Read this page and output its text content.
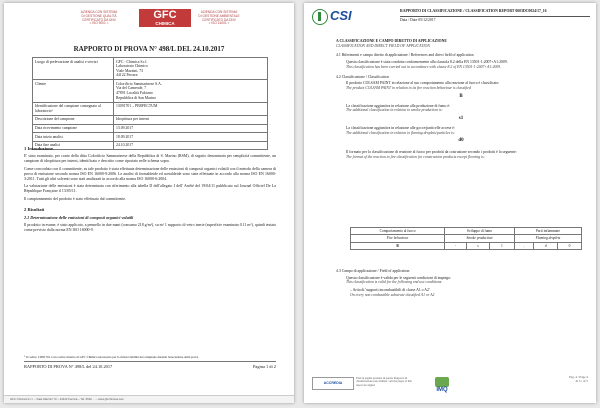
AZIENDA CON SISTEMA
DI GESTIONE QUALITÀ
CERTIFICATO DA DNV
= ISO 9001 =
GFC
CHIMICA
AZIENDA CON SISTEMA
DI GESTIONE AMBIENTALE
CERTIFICATO DA DNV
= ISO 14001 =
RAPPORTO DI PROVA N° 498/L DEL 24.10.2017
Luogo di prelevazione di analisi e servizi	GFC - Chimica S.r.l.
Laboratorio Chimico
Viale Mazzini, 73
44122 Ferrara
Cliente	Colorificio Sammarinese S.A.
Via del Camerale, 7
47891 Località Falciano
Repubblica di San Marino
Identificazione del campione consegnato al laboratorio¹	13091701 – PERFECTUM
Descrizione del campione	Idropittura per interni
Data ricevimento campione	13.09.2017
Data inizio analisi	18.09.2017
Data fine analisi	24.10.2017
1 Introduzione
E' stato esaminato, per conto della ditta Colorificio Sammarinese della Repubblica di S. Marino (RSM), di seguito denominata per semplicità committente, un campione di idropittura per interni, identificato e descritto come riportato nelle schema sopra.
Come concordato con il committente, su tale prodotto è stata effettuata determinazione delle emissioni di composti organici volatili con il metodo della camera di prova di emissione secondo norma ISO EN 16000-9:2006. Le analisi di formaldeide ed acetaldeide sono state effettuate in accordo alla norma ISO EN 16000-3:2011. Tutti gli altri solventi sono stati analizzati in accordo alla norma ISO 16000-6:2004.
La valutazione delle emissioni è stata determinata con riferimento alla tabella D dell'allegato I dell' Arrêté del 19/04/11 pubblicato sul Journal Officiel De La République Française il 13/05/11.
Il campionamento del prodotto è stato effettuato dal committente.
2 Risultati
2.1 Determinazione delle emissioni di composti organici volatili
Il prodotto in esame, è stato applicato, a pennello in due mani (consumo 218 g/m²), su m² 1 supporto di vetro inerte (superficie esaminata 0.11 m²), quindi testato come previsto dalla norma EN ISO 16000-9.
¹ Il codice 13091701 è un codice interno di GFC Chimica necessario per la rintracciabilità del campione durante l'esecuzione della prova
RAPPORTO DI PROVA N° 498/L del 24.10.2017	Pagina 1 di 2
GFC Chimica S.r.l. – Viale Mazzini 73 – 44122 Ferrara – Tel. 0532 ... – www.gfcchimica.com
CSI	RAPPORTO DI CLASSIFICAZIONE / CLASSIFICATION REPORT 0603DC0024/17_16
Data / Date 05/12/2017
A CLASSIFICAZIONE E CAMPO DIRETTO DI APPLICAZIONE
CLASSIFICATION AND DIRECT FIELD OF APPLICATION
4.1 Riferimenti e campo diretto di applicazione / References and direct field of application
Questa classificazione è stata condotta conformemente alla clausola 8.2 della EN 13501-1:2007+A1:2009.
This classification has been carried out in accordance with clause 8.2 of EN 13501-1:2007+A1:2009.
4.2 Classificazione / Classification
Il prodotto COLSAM PAINT in relazione al suo comportamento alla reazione al fuoco è classificato:
The product COLSAM PAINT in relation to its fire reaction behaviour is classified
B
La classificazione aggiuntiva in relazione alla produzione di fumo è:
The additional classification in relation to smoke production is:
s1
La classificazione aggiuntiva in relazione alle gocce/particelle accese è:
The additional classification in relation to flaming droplets/particles is:
d0
Il formato per la classificazione di reazione al fuoco per prodotti da costruzione secondo i prodotti è la seguente:
The format of the reaction to fire classification for construction products except flooring is:
Comportamento al fuoco	Sviluppo di fumo			Parti infiammate		
Fire behaviour	Smoke production			Flaming droplets		
B	-	s	1	,	d	0
4.3 Campo di applicazione / Field of application
Questa classificazione è valida per le seguenti condizioni di impiego:
This classification is valid for the following end use conditions:
– Articoli 'supporti incombustibili di classe A1 o A2'
On every non combustible substrate classified A1 or A2
ACCREDIA
Tutti le pagine prodotte in questo Rapporto di classificazione sono firmate / All the pages of this report are signed
IMQ
Pag. 4 / Page 4
di 5 / of 5
